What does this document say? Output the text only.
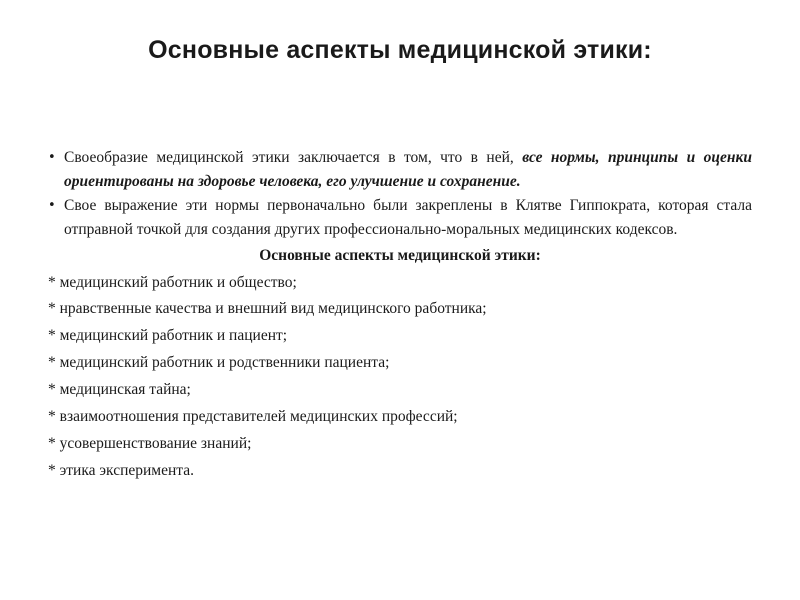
Основные аспекты медицинской этики:

• Своеобразие медицинской этики заключается в том, что в ней, все нормы, принципы и оценки ориентированы на здоровье человека, его улучшение и сохранение.

• Свое выражение эти нормы первоначально были закреплены в Клятве Гиппократа, которая стала отправной точкой для создания других профессионально-моральных медицинских кодексов.

Основные аспекты медицинской этики:
* медицинский работник и общество;
* нравственные качества и внешний вид медицинского работника;
* медицинский работник и пациент;
* медицинский работник и родственники пациента;
* медицинская тайна;
* взаимоотношения представителей медицинских профессий;
* усовершенствование знаний;
* этика эксперимента.
